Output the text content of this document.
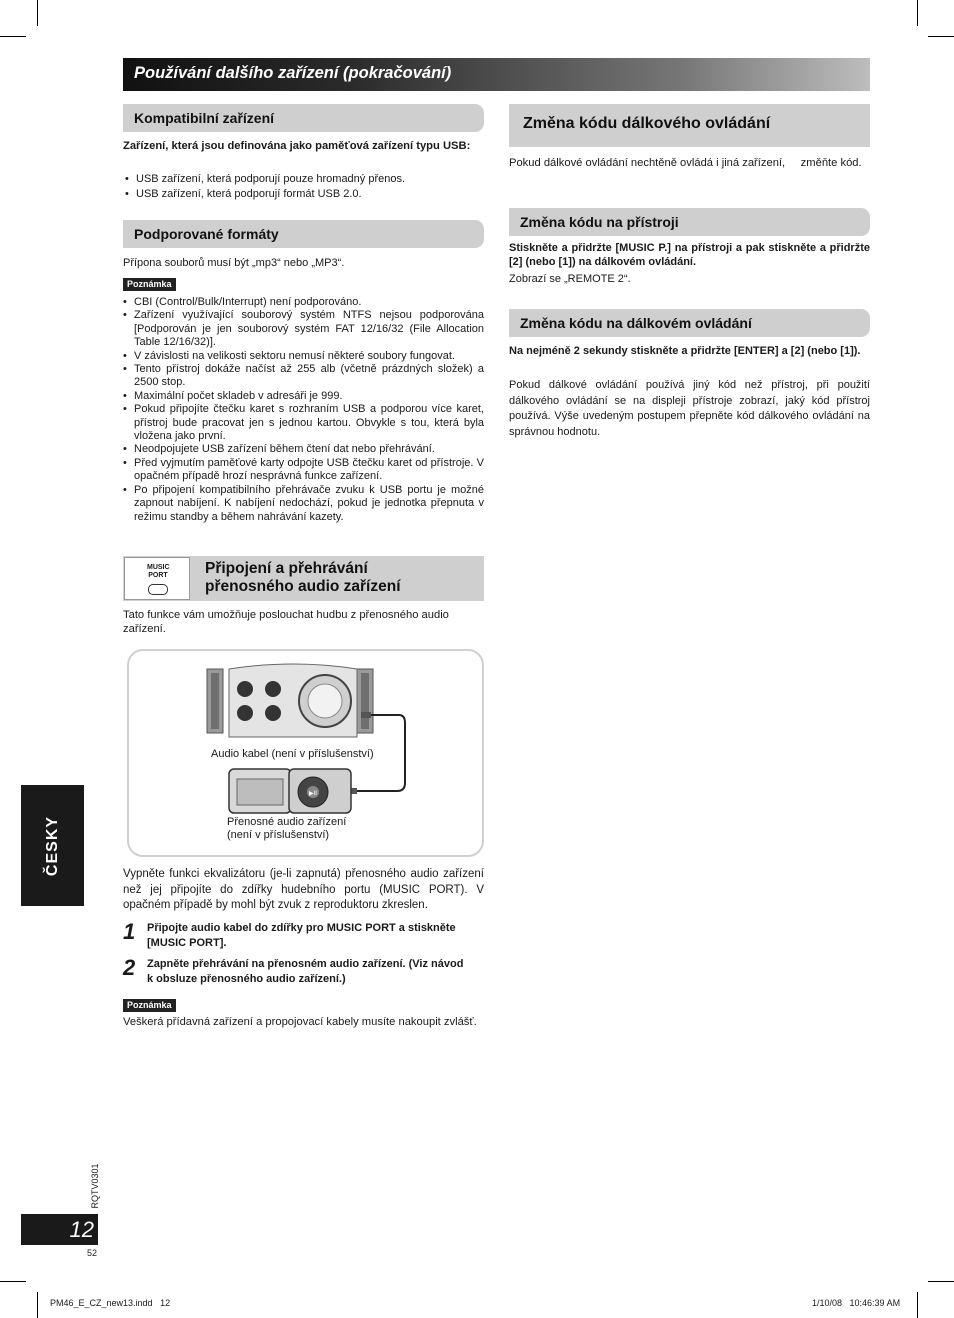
Používání dalšího zařízení (pokračování)
Kompatibilní zařízení
Zařízení, která jsou definována jako paměťová zařízení typu USB:
• USB zařízení, která podporují pouze hromadný přenos.
• USB zařízení, která podporují formát USB 2.0.
Podporované formáty
Přípona souborů musí být „mp3“ nebo „MP3“.
Poznámka
• CBI (Control/Bulk/Interrupt) není podporováno.
• Zařízení využívající souborový systém NTFS nejsou podporována [Podporován je jen souborový systém FAT 12/16/32 (File Allocation Table 12/16/32)].
• V závislosti na velikosti sektoru nemusí některé soubory fungovat.
• Tento přístroj dokáže načíst až 255 alb (včetně prázdných složek) a 2500 stop.
• Maximální počet skladeb v adresáři je 999.
• Pokud připojíte čtečku karet s rozhraním USB a podporou více karet, přístroj bude pracovat jen s jednou kartou. Obvykle s tou, která byla vložena jako první.
• Neodpojujete USB zařízení během čtení dat nebo přehrávání.
• Před vyjmutím paměťové karty odpojte USB čtečku karet od přístroje. V opačném případě hrozí nesprávná funkce zařízení.
• Po připojení kompatibilního přehrávače zvuku k USB portu je možné zapnout nabíjení. K nabíjení nedochází, pokud je jednotka přepnuta v režimu standby a během nahrávání kazety.
MUSIC
PORT Připojení a přehrávání
přenosného audio zařízení
Tato funkce vám umožňuje poslouchat hudbu z přenosného audio zařízení.
▶II
Audio kabel (není v příslušenství)
Přenosné audio zařízení
(není v příslušenství)
Vypněte funkci ekvalizátoru (je-li zapnutá) přenosného audio zařízení než jej připojíte do zdířky hudebního portu (MUSIC PORT). V opačném případě by mohl být zvuk z reproduktoru zkreslen.
1 Připojte audio kabel do zdířky pro MUSIC PORT a stiskněte [MUSIC PORT].
2 Zapněte přehrávání na přenosném audio zařízení. (Viz návod k obsluze přenosného audio zařízení.)
Poznámka
Veškerá přídavná zařízení a propojovací kabely musíte nakoupit zvlášť.
Změna kódu dálkového ovládání
Pokud dálkové ovládání nechtěně ovládá i jiná zařízení,     změňte kód.
Změna kódu na přístroji
Stiskněte a přidržte [MUSIC P.] na přístroji a pak stiskněte a přidržte [2] (nebo [1]) na dálkovém ovládání.
Zobrazí se „REMOTE 2“.
Změna kódu na dálkovém ovládání
Na nejméně 2 sekundy stiskněte a přidržte [ENTER] a [2] (nebo [1]).
Pokud dálkové ovládání používá jiný kód než přístroj, při použití dálkového ovládání se na displeji přístroje zobrazí, jaký kód přístroj používá. Výše uvedeným postupem přepněte kód dálkového ovládání na správnou hodnotu.
ČESKY
RQTV0301
12
52
PM46_E_CZ_new13.indd   12	1/10/08   10:46:39 AM
